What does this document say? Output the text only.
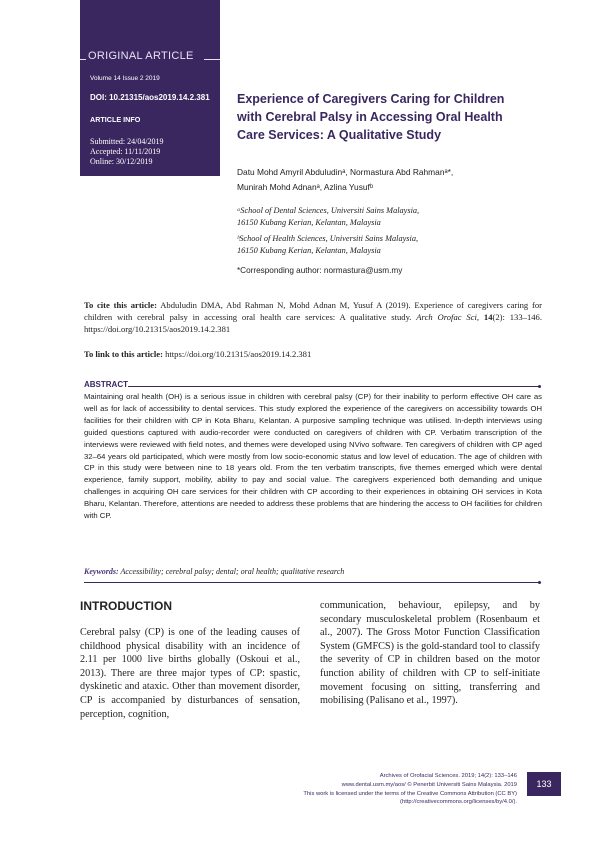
ORIGINAL ARTICLE
Volume 14 Issue 2 2019
DOI: 10.21315/aos2019.14.2.381
ARTICLE INFO
Submitted: 24/04/2019
Accepted: 11/11/2019
Online: 30/12/2019
Experience of Caregivers Caring for Children
with Cerebral Palsy in Accessing Oral Health
Care Services: A Qualitative Study
Datu Mohd Amyril Abduludinᵃ, Normastura Abd Rahmanᵃ*,
Munirah Mohd Adnanᵃ, Azlina Yusufᵇ
ᵃSchool of Dental Sciences, Universiti Sains Malaysia,
16150 Kubang Kerian, Kelantan, Malaysia
ᵇSchool of Health Sciences, Universiti Sains Malaysia,
16150 Kubang Kerian, Kelantan, Malaysia
*Corresponding author: normastura@usm.my
To cite this article: Abduludin DMA, Abd Rahman N, Mohd Adnan M, Yusuf A (2019). Experience of caregivers caring for children with cerebral palsy in accessing oral health care services: A qualitative study. Arch Orofac Sci, 14(2): 133–146. https://doi.org/10.21315/aos2019.14.2.381
To link to this article: https://doi.org/10.21315/aos2019.14.2.381
ABSTRACT
Maintaining oral health (OH) is a serious issue in children with cerebral palsy (CP) for their inability to perform effective OH care as well as for lack of accessibility to dental services. This study explored the experience of the caregivers on accessibility towards OH facilities for their children with CP in Kota Bharu, Kelantan. A purposive sampling technique was utilised. In-depth interviews using guided questions captured with audio-recorder were conducted on caregivers of children with CP. Verbatim transcription of the interviews were reviewed with field notes, and themes were developed using NVivo software. Ten caregivers of children with CP aged 32–64 years old participated, which were mostly from low socio-economic status and low level of education. The age of children with CP in this study were between nine to 18 years old. From the ten verbatim transcripts, five themes emerged which were dental experience, family support, mobility, ability to pay and social value. The caregivers experienced both demanding and unique challenges in acquiring OH care services for their children with CP according to their experiences in obtaining OH services in Kota Bharu, Kelantan. Therefore, attentions are needed to address these problems that are hindering the access to OH facilities for children with CP.
Keywords: Accessibility; cerebral palsy; dental; oral health; qualitative research
INTRODUCTION
Cerebral palsy (CP) is one of the leading causes of childhood physical disability with an incidence of 2.11 per 1000 live births globally (Oskoui et al., 2013). There are three major types of CP: spastic, dyskinetic and ataxic. Other than movement disorder, CP is accompanied by disturbances of sensation, perception, cognition,
communication, behaviour, epilepsy, and by secondary musculoskeletal problem (Rosenbaum et al., 2007). The Gross Motor Function Classification System (GMFCS) is the gold-standard tool to classify the severity of CP in children based on the motor function ability of children with CP to self-initiate movement focusing on sitting, transferring and mobilising (Palisano et al., 1997).
Archives of Orofacial Sciences. 2019; 14(2): 133–146
www.dental.usm.my/aos/ © Penerbit Universiti Sains Malaysia. 2019
This work is licensed under the terms of the Creative Commons Attribution (CC BY)
(http://creativecommons.org/licenses/by/4.0/).
133
